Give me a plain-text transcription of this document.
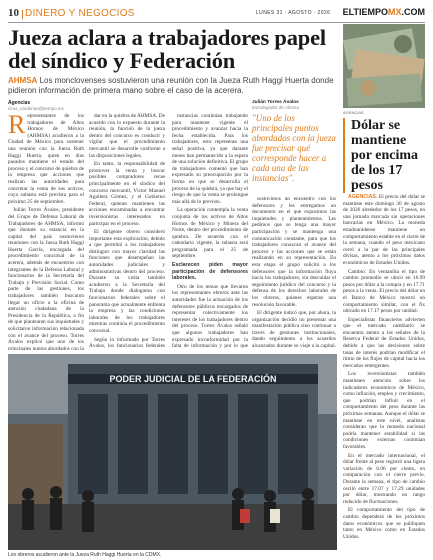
10 DINERO Y NEGOCIOS	LUNES 31 · AGOSTO · 2026 ELTIEMPOMX.COM
Jueza aclara a trabajadores papel del síndico y Federación
AHMSA Los monclovenses sostuvieron una reunión con la Jueza Ruth Haggi Huerta donde pidieron información de primera mano sobre el caso de la acerera.
Agencias
ricos_cardenas@tiempo.mx

Representantes de los trabajadores de Altos Hornos de México (AHMSA) acudieron a la Ciudad de México para sostener una reunión con la Jueza Ruth Haggi Huerta, quien en días pasados mantiene el estado del proceso y el concurso de quiebra de la empresa que acciones que realizan las autoridades para concretar la venta de sus activos, cuya subasta está prevista para el próximo 25 de septiembre.

Julián Torres Ávalos, presidente del Grupo de Defensa Laboral de Trabajadores de AHMSA, informó que durante su estancia en la capital del país sostuvieron reuniones con la Jueza Ruth Haggi Huerta García, encargada del procedimiento concursal de la acerera, además de encuentros con integrantes de la Defensa Laboral y funcionarios de la Secretaría del Trabajo y Previsión Social. Como parte de las gestiones, los trabajadores también buscaron llegar un oficio a la oficina de atención ciudadana de la Presidencia de la República, a fin de que plantearan sus inquietudes y solicitaron información relacionada con el avance del proceso. Torres Ávalos explicó que uno de los principales puntos abordados con la

dar en la quiebra de AHMSA. De acuerdo con lo expuesto durante la reunión, la función de la jueza dentro del concurso es conducir y vigilar que el procedimiento mercantil se desarrolle conforme a las disposiciones legales.

En tanto, la responsabilidad de promover la venta y buscar posibles compradores recae principalmente en el síndico del concurso mercantil, Víctor Manuel Aguilera Gómez, y el Gobierno Federal, quienes mantienen las acciones encaminadas a encontrar inversionistas interesados en participar en el proceso.

El dirigente obrero consideró importante esta explicación, debido a que permitió a los trabajadores distinguir con mayor claridad las funciones que desempeñan las autoridades judiciales y administrativas dentro del proceso. Durante su visita también acudieron a la Secretaría del Trabajo donde dialogaron con funcionarios federales sobre el panorama que actualmente enfrenta la empresa y las condiciones laborales de los trabajadores mientras continúa el procedimiento concursal.

Según lo informado por Torres Ávalos, los funcionarios federales

instancias continúan trabajando para mantener vigente el procedimiento y avanzar hacia la fecha establecida. Para los trabajadores, esto representa una señal positiva, ya que durante meses han permanecido a la espera de una solución definitiva. El grupo de trabajadores comentó que han expresado su preocupación por la forma en que se desarrolla el proceso de la quiebra, ya que hay el riesgo de que la venta se prolongue más allá de lo previsto.

La operación contempla la venta conjunta de los activos de Altos Hornos de México y Minera del Norte, dentro del procedimiento de quiebra. De acuerdo con el calendario vigente, la subasta será programada para el 25 de septiembre.

Esclarecen piden mayor participación de defensores laborales.

Otro de los temas que llevaron los representantes obreros ante las autoridades fue la actuación de los defensores públicos encargados de representar colectivamente los intereses de los trabajadores dentro del proceso. Torres Ávalos señaló que algunos trabajadores han expresado inconformidad por la falta de información y por lo que

Julián Torres Ávalos
Extrabajador de Ahmsa
"Uno de los principales puntos abordados con la jueza fue precisar qué corresponde hacer a cada una de las instancias".

sostuvimos un encuentro con los defensores y les entregamos un documento en el que expusimos las inquietudes y planteamientos. Les pedimos que se tenga una mayor participación y se mantenga una comunicación constante, para que los trabajadores conozcan el avance del proceso y las acciones que se están realizando en su representación. En esta etapa el grupo solicitó a los defensores que la información fluya hacia los trabajadores, sin descuidar el seguimiento jurídico del concurso y la defensa de los derechos laborales de los obreros, quienes esperan una resolución favorable.

El dirigente indicó que, por ahora, la organización decidió no presentar una manifestación pública sino continuar a través de gestiones institucionales, dando seguimiento a los acuerdos alcanzados durante su viaje a la capital.

PODER JUDICIAL DE LA FEDERACIÓN
Los obreros acudieron ante la Jueza Ruth Haggi Huerta en la CDMX.
AGENCIAS
Dólar se mantiene por encima de los 17 pesos

AGENCIAS. El precio del dólar se mantiene este domingo 30 de agosto de 2026 alrededor de los 17 pesos, en una jornada marcada sin operaciones bancarias en México. La moneda estadounidense mantiene un comportamiento estable en el cierre de la semana, cuando el peso mexicano cerró a la par de las principales divisas, atento a los próximos datos económicos de Estados Unidos.

Cambio. En ventanilla el tipo de cambio promedio se ubicó en 16.99 pesos por dólar a la compra y en 17.71 pesos a la venta. El precio del dólar en el Banco de México mostró un comportamiento similar, con el fix ubicado en 17.17 pesos por unidad.

Especialistas financieros advierten que el mercado cambiario se encuentra atento a las señales de la Reserva Federal de Estados Unidos, debido a que las decisiones sobre tasas de interés podrían modificar el ritmo de los flujos de capital hacia los mercados emergentes.

Los inversionistas también mantienen atención sobre los indicadores económicos de México, como inflación, empleo y crecimiento, que podrían influir en el comportamiento del peso durante las próximas semanas. Aunque el dólar se mantiene en este nivel, analistas consideran que la moneda nacional podría mantener estabilidad si las condiciones externas continúan favorables.

En el mercado internacional, el dólar frente al peso registró una ligera variación de 0.06 por ciento, en comparación con el cierre previo. Durante la semana, el tipo de cambio osciló entre 17.07 y 17.29 unidades por dólar, mostrando un rango reducido de fluctuaciones.

El comportamiento del tipo de cambio dependerá de los próximos datos económicos que se publiquen tanto en México como en Estados Unidos.
